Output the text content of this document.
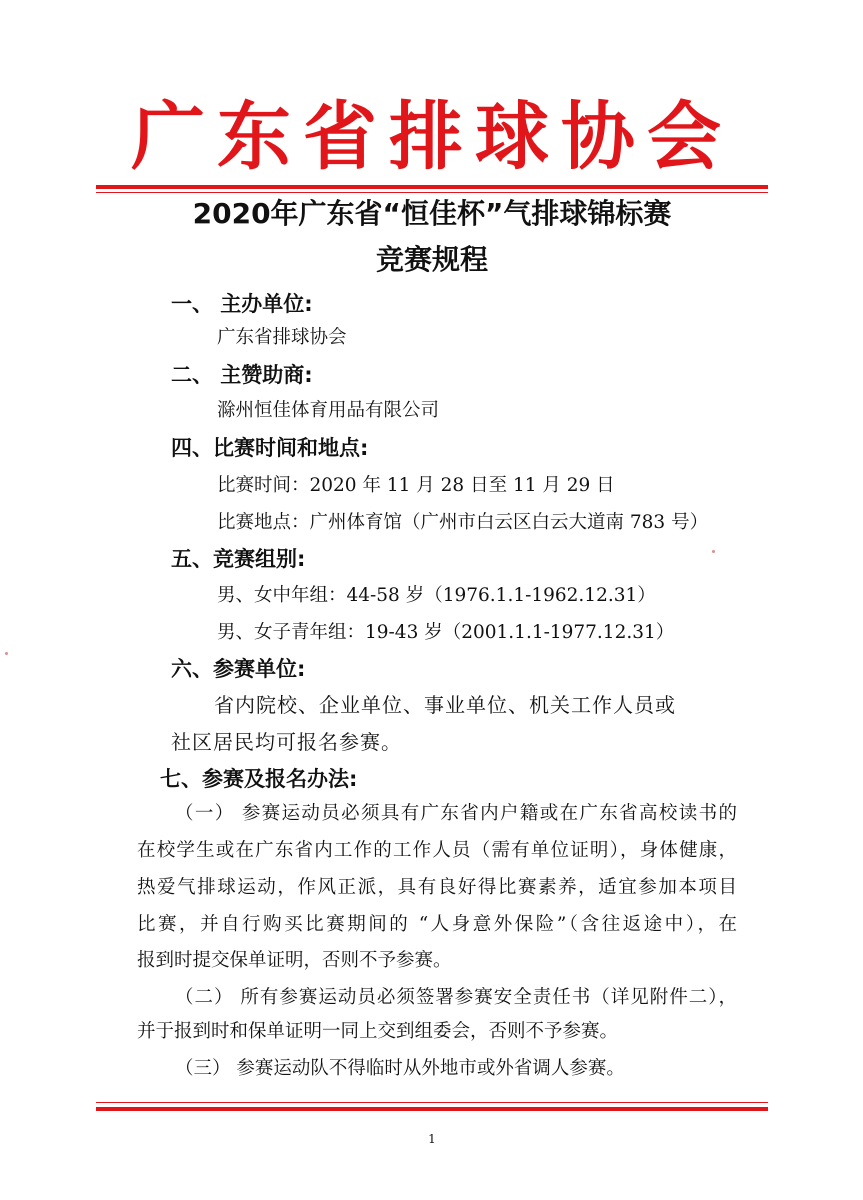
广东省排球协会
2020年广东省“恒佳杯”气排球锦标赛
竞赛规程
一、 主办单位:
广东省排球协会
二、 主赞助商:
滁州恒佳体育用品有限公司
四、比赛时间和地点:
比赛时间：2020 年 11 月 28 日至 11 月 29 日
比赛地点：广州体育馆（广州市白云区白云大道南 783 号）
五、竞赛组别:
男、女中年组：44-58 岁（1976.1.1-1962.12.31）
男、女子青年组：19-43 岁（2001.1.1-1977.12.31）
六、参赛单位:
省内院校、企业单位、事业单位、机关工作人员或
社区居民均可报名参赛。
七、参赛及报名办法:
（一） 参赛运动员必须具有广东省内户籍或在广东省高校读书的
在校学生或在广东省内工作的工作人员（需有单位证明），身体健康，
热爱气排球运动，作风正派，具有良好得比赛素养，适宜参加本项目
比赛，并自行购买比赛期间的 “人身意外保险”（含往返途中），在
报到时提交保单证明，否则不予参赛。
（二） 所有参赛运动员必须签署参赛安全责任书（详见附件二），
并于报到时和保单证明一同上交到组委会，否则不予参赛。
（三） 参赛运动队不得临时从外地市或外省调人参赛。
1
